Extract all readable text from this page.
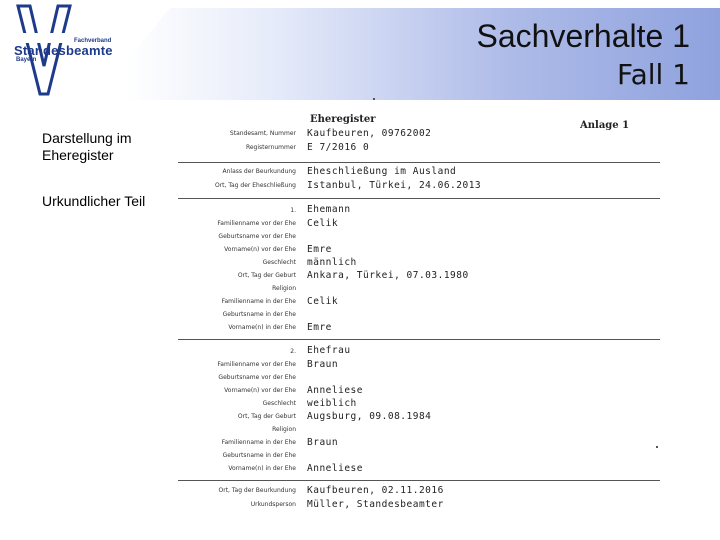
Fachverband
Standesbeamte
Bayern
Sachverhalte 1
Fall 1
Darstellung im Eheregister
Urkundlicher Teil
Eheregister
Anlage 1
Standesamt, Nummer Kaufbeuren, 09762002
Registernummer E 7/2016 0
Anlass der Beurkundung Eheschließung im Ausland
Ort, Tag der Eheschließung Istanbul, Türkei, 24.06.2013
1. Ehemann
Familienname vor der Ehe Celik
Geburtsname vor der Ehe
Vorname(n) vor der Ehe Emre
Geschlecht männlich
Ort, Tag der Geburt Ankara, Türkei, 07.03.1980
Religion
Familienname in der Ehe Celik
Geburtsname in der Ehe
Vorname(n) in der Ehe Emre
2. Ehefrau
Familienname vor der Ehe Braun
Geburtsname vor der Ehe
Vorname(n) vor der Ehe Anneliese
Geschlecht weiblich
Ort, Tag der Geburt Augsburg, 09.08.1984
Religion
Familienname in der Ehe Braun
Geburtsname in der Ehe
Vorname(n) in der Ehe Anneliese
Ort, Tag der Beurkundung Kaufbeuren, 02.11.2016
Urkundsperson Müller, Standesbeamter
